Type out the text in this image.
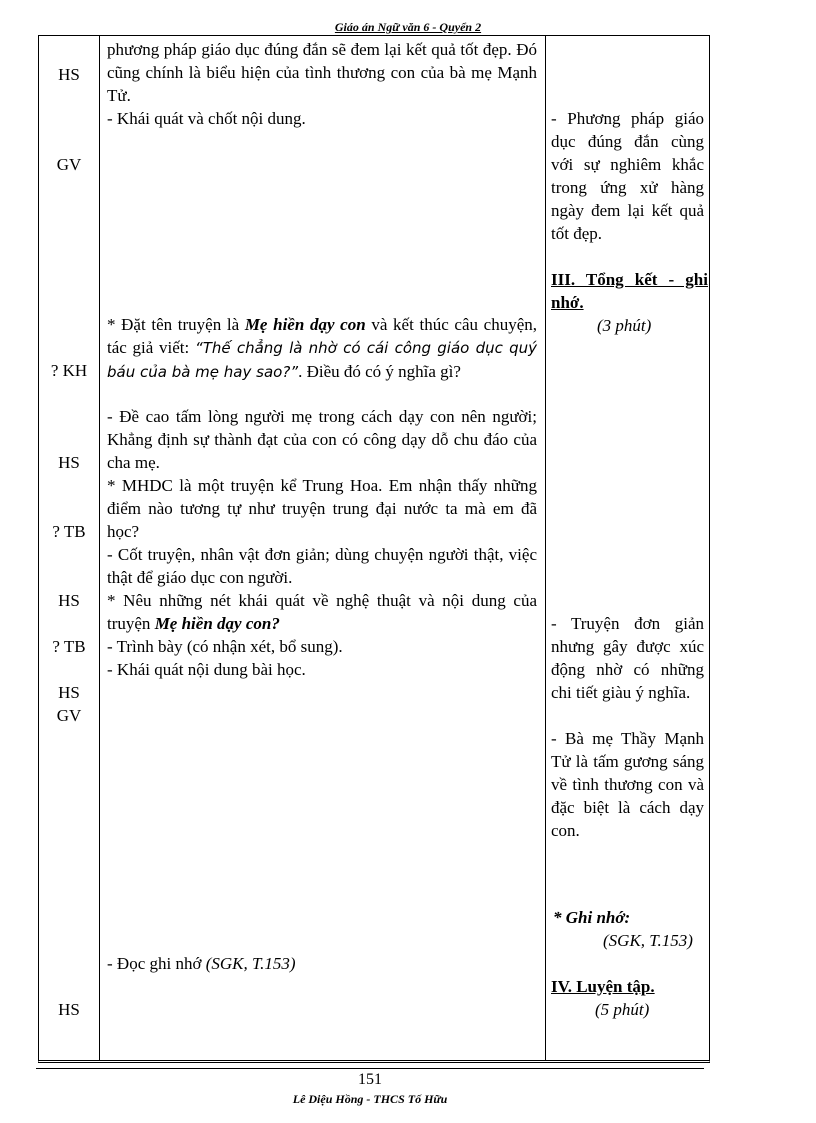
Giáo án Ngữ văn 6 - Quyển 2
HS
GV
? KH
HS
? TB
HS
? TB
HS
GV
HS
phương pháp giáo dục đúng đắn sẽ đem lại kết quả tốt đẹp. Đó cũng chính là biểu hiện của tình thương con của bà mẹ Mạnh Tử.
- Khái quát và chốt nội dung.
* Đặt tên truyện là Mẹ hiền dạy con và kết thúc câu chuyện, tác giả viết: “Thế chẳng là nhờ có cái công giáo dục quý báu của bà mẹ hay sao?”. Điều đó có ý nghĩa gì?
- Đề cao tấm lòng người mẹ trong cách dạy con nên người; Khẳng định sự thành đạt của con có công dạy dỗ chu đáo của cha mẹ.
* MHDC là một truyện kể Trung Hoa. Em nhận thấy những điểm nào tương tự như truyện trung đại nước ta mà em đã học?
- Cốt truyện, nhân vật đơn giản; dùng chuyện người thật, việc thật để giáo dục con người.
* Nêu những nét khái quát về nghệ thuật và nội dung của truyện Mẹ hiền dạy con?
- Trình bày (có nhận xét, bổ sung).
- Khái quát nội dung bài học.
- Đọc ghi nhớ (SGK, T.153)
- Phương pháp giáo dục đúng đắn cùng với sự nghiêm khắc trong ứng xử hàng ngày đem lại kết quả tốt đẹp.
III. Tổng kết - ghi nhớ.
(3 phút)
- Truyện đơn giản nhưng gây được xúc động nhờ có những chi tiết giàu ý nghĩa.
- Bà mẹ Thầy Mạnh Tử là tấm gương sáng về tình thương con và đặc biệt là cách dạy con.
* Ghi nhớ:
(SGK, T.153)
IV. Luyện tập.
(5 phút)
151
Lê Diệu Hồng - THCS Tố Hữu
